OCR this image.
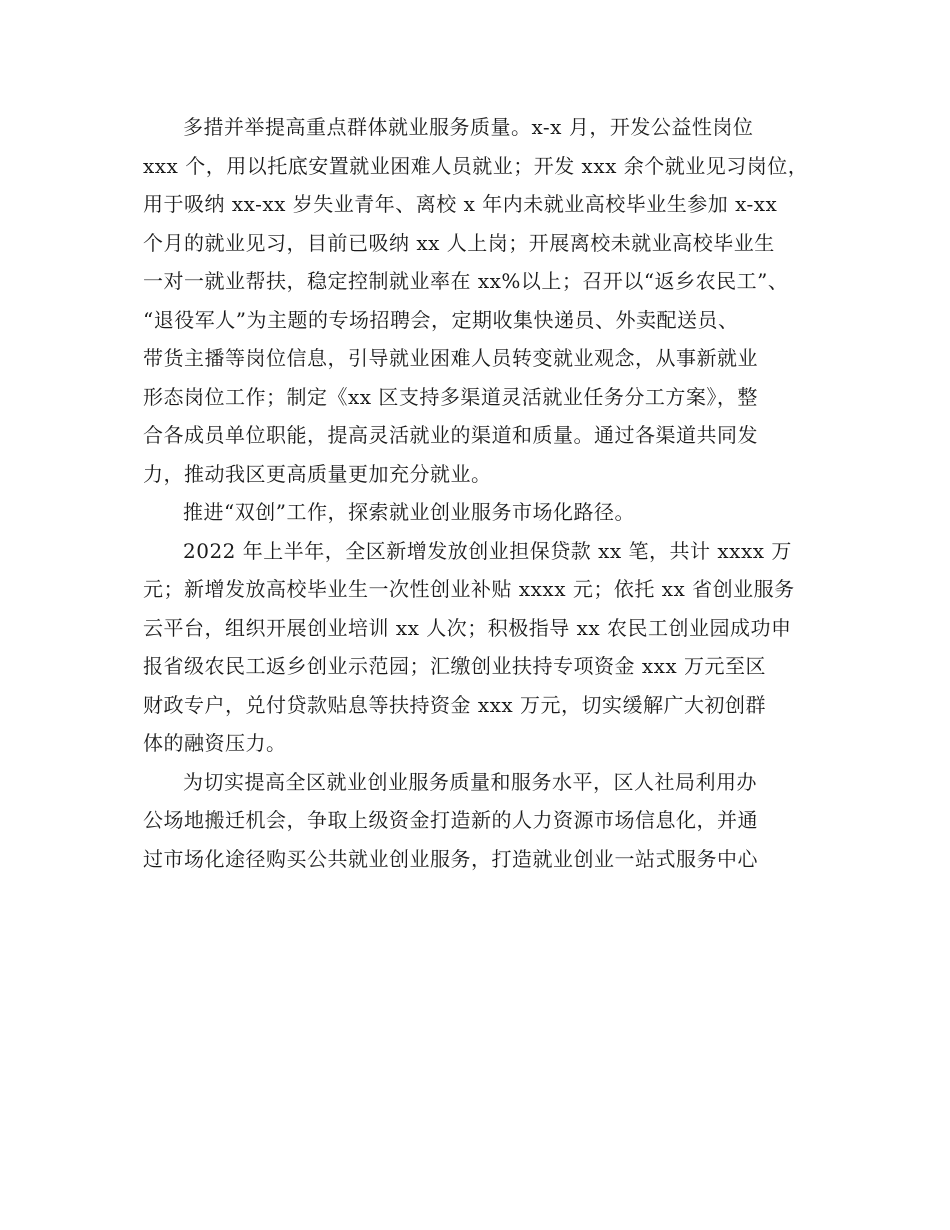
多措并举提高重点群体就业服务质量。x-x 月，开发公益性岗位
xxx 个，用以托底安置就业困难人员就业；开发 xxx 余个就业见习岗位，
用于吸纳 xx-xx 岁失业青年、离校 x 年内未就业高校毕业生参加 x-xx
个月的就业见习，目前已吸纳 xx 人上岗；开展离校未就业高校毕业生
一对一就业帮扶，稳定控制就业率在 xx%以上；召开以“返乡农民工”、
“退役军人”为主题的专场招聘会，定期收集快递员、外卖配送员、
带货主播等岗位信息，引导就业困难人员转变就业观念，从事新就业
形态岗位工作；制定《xx 区支持多渠道灵活就业任务分工方案》，整
合各成员单位职能，提高灵活就业的渠道和质量。通过各渠道共同发
力，推动我区更高质量更加充分就业。
推进“双创”工作，探索就业创业服务市场化路径。
2022 年上半年，全区新增发放创业担保贷款 xx 笔，共计 xxxx 万
元；新增发放高校毕业生一次性创业补贴 xxxx 元；依托 xx 省创业服务
云平台，组织开展创业培训 xx 人次；积极指导 xx 农民工创业园成功申
报省级农民工返乡创业示范园；汇缴创业扶持专项资金 xxx 万元至区
财政专户，兑付贷款贴息等扶持资金 xxx 万元，切实缓解广大初创群
体的融资压力。
为切实提高全区就业创业服务质量和服务水平，区人社局利用办
公场地搬迁机会，争取上级资金打造新的人力资源市场信息化，并通
过市场化途径购买公共就业创业服务，打造就业创业一站式服务中心
